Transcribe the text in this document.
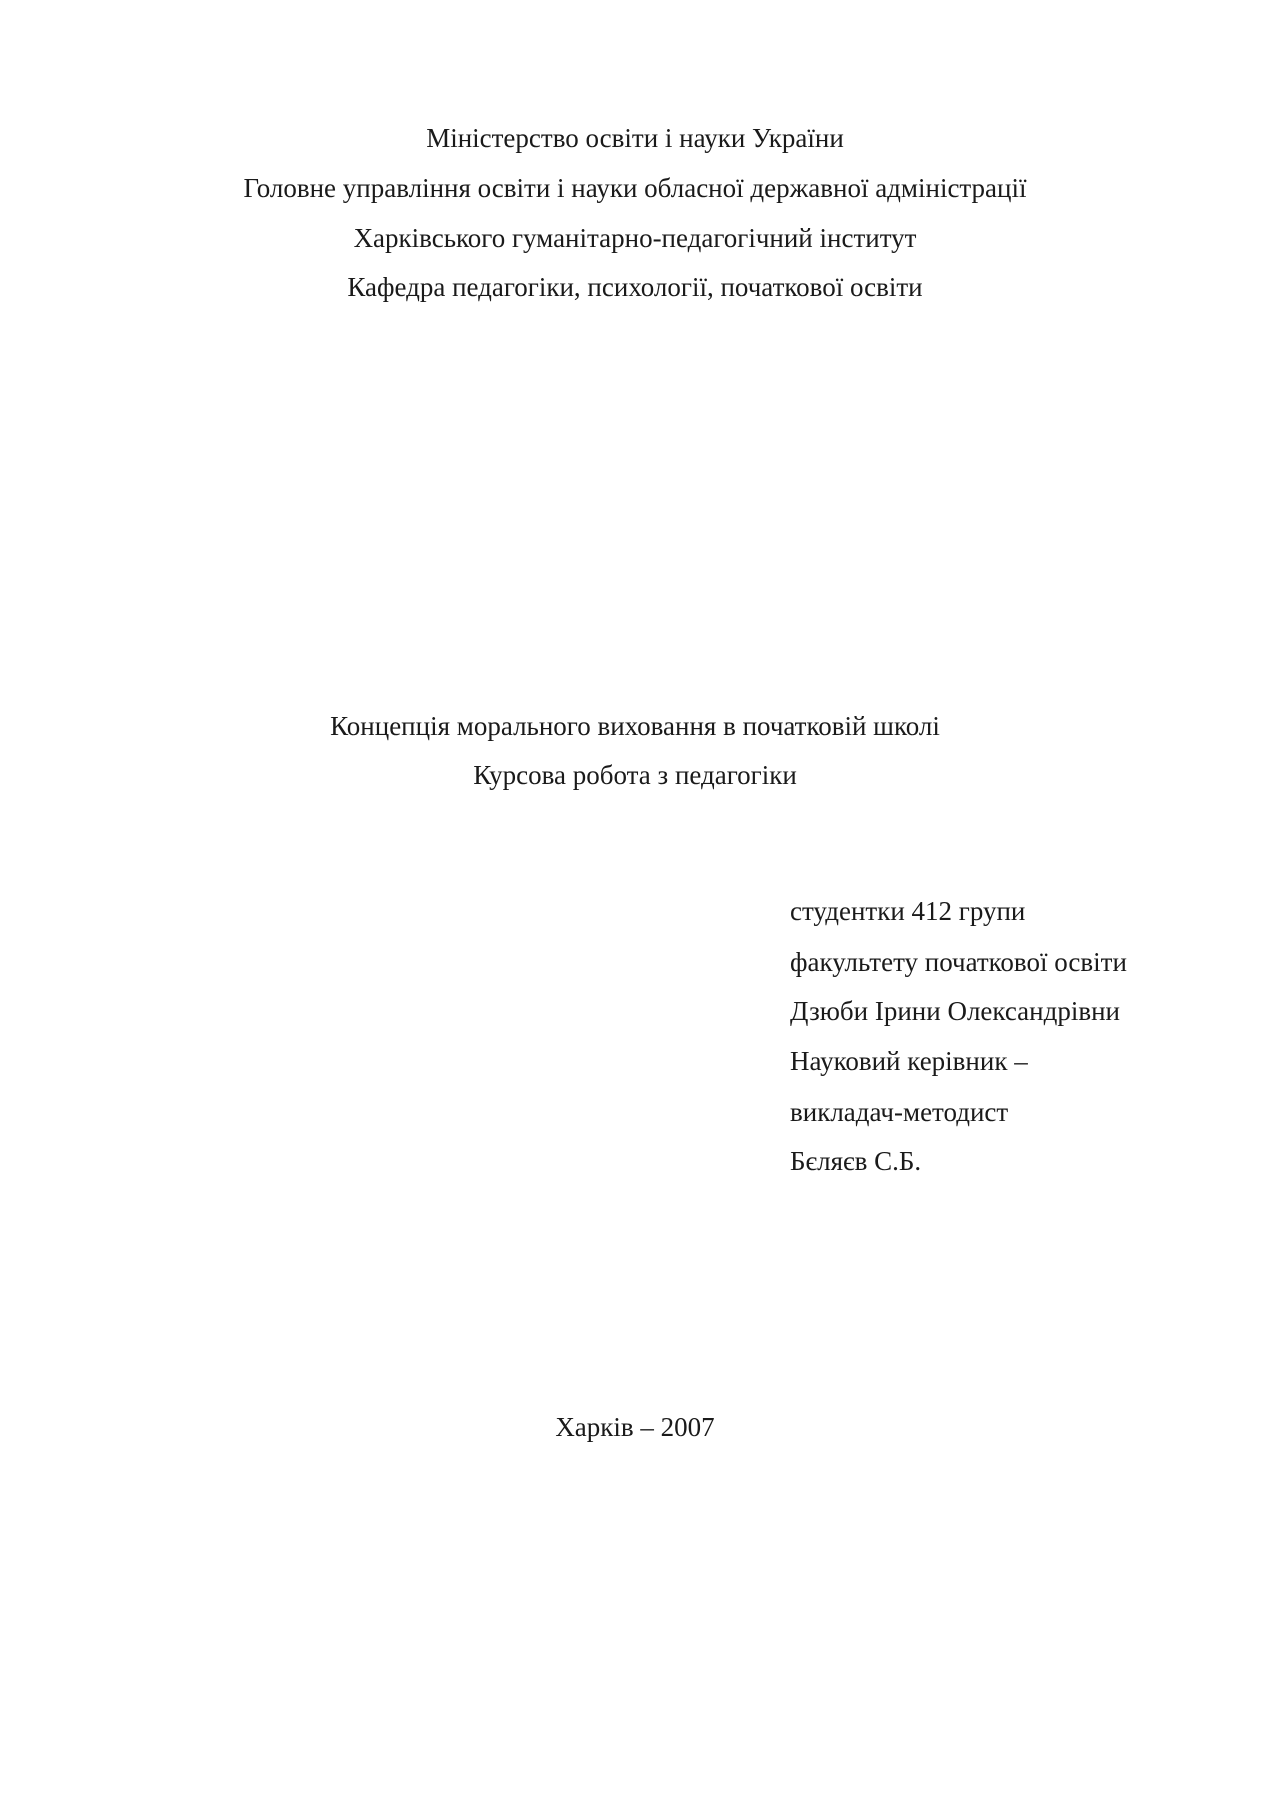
Міністерство освіти і науки України
Головне управління освіти і науки обласної державної адміністрації
Харківського гуманітарно-педагогічний інститут
Кафедра педагогіки, психології, початкової освіти
Концепція морального виховання в початковій школі
Курсова робота з педагогіки
студентки 412 групи
факультету початкової освіти
Дзюби Ірини Олександрівни
Науковий керівник –
викладач-методист
Бєляєв С.Б.
Харків – 2007
